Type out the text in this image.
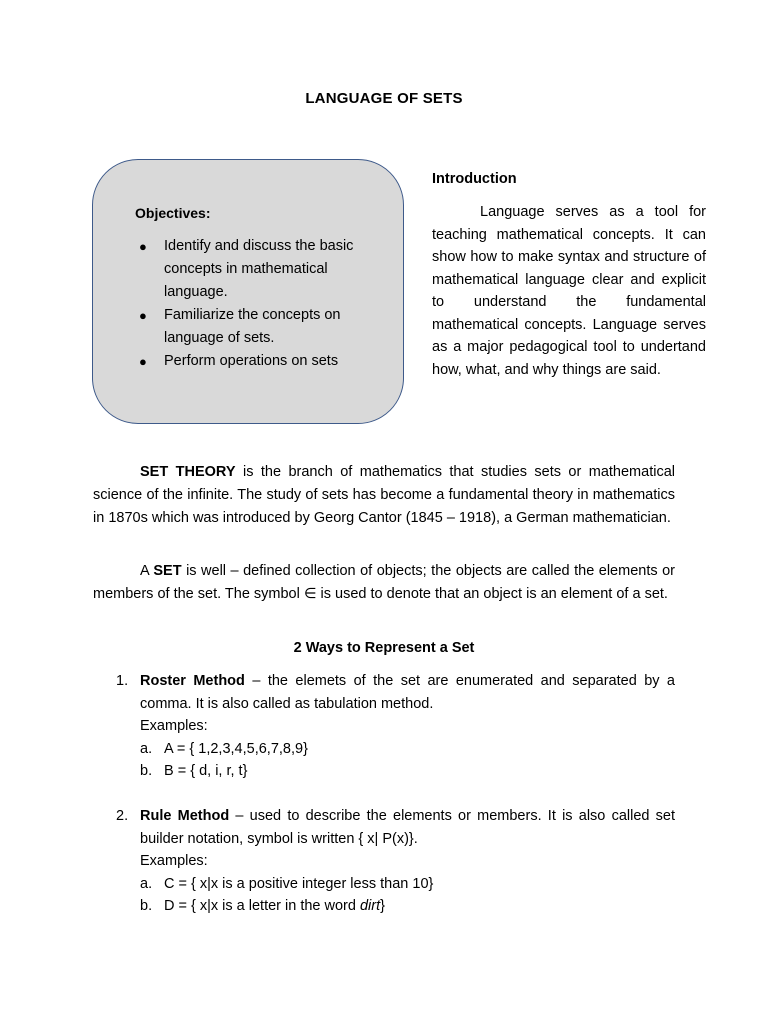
LANGUAGE OF SETS
Objectives:
● Identify and discuss the basic concepts in mathematical language.
● Familiarize the concepts on language of sets.
● Perform operations on sets
Introduction

Language serves as a tool for teaching mathematical concepts. It can show how to make syntax and structure of mathematical language clear and explicit to understand the fundamental mathematical concepts. Language serves as a major pedagogical tool to undertand how, what, and why things are said.

SET THEORY is the branch of mathematics that studies sets or mathematical science of the infinite. The study of sets has become a fundamental theory in mathematics in 1870s which was introduced by Georg Cantor (1845 – 1918), a German mathematician.

A SET is well – defined collection of objects; the objects are called the elements or members of the set. The symbol ∈ is used to denote that an object is an element of a set.

2 Ways to Represent a Set
1. Roster Method – the elemets of the set are enumerated and separated by a comma. It is also called as tabulation method.
Examples:
a. A = { 1,2,3,4,5,6,7,8,9}
b. B = { d, i, r, t}
2. Rule Method – used to describe the elements or members. It is also called set builder notation, symbol is written { x| P(x)}.
Examples:
a. C = { x|x is a positive integer less than 10}
b. D = { x|x is a letter in the word dirt}
